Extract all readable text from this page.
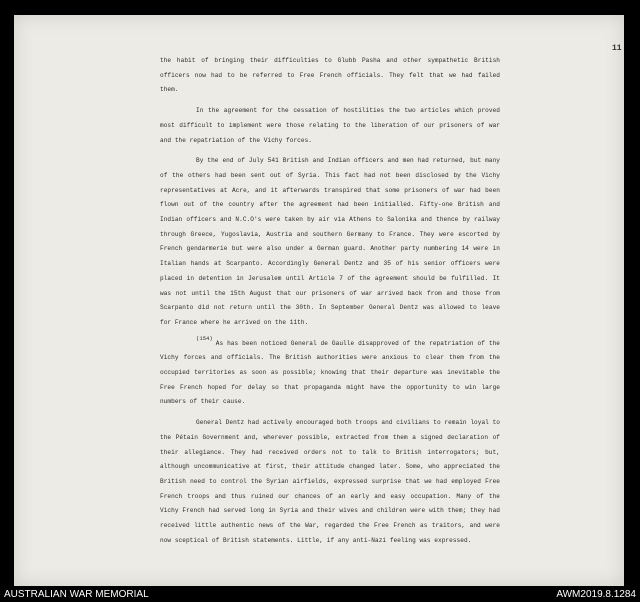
11

the habit of bringing their difficulties to Glubb Pasha and other sympathetic British officers now had to be referred to Free French officials. They felt that we had failed them.

In the agreement for the cessation of hostilities the two articles which proved most difficult to implement were those relating to the liberation of our prisoners of war and the repatriation of the Vichy forces.

By the end of July 541 British and Indian officers and men had returned, but many of the others had been sent out of Syria. This fact had not been disclosed by the Vichy representatives at Acre, and it afterwards transpired that some prisoners of war had been flown out of the country after the agreement had been initialled. Fifty-one British and Indian officers and N.C.O's were taken by air via Athens to Salonika and thence by railway through Greece, Yugoslavia, Austria and southern Germany to France. They were escorted by French gendarmerie but were also under a German guard. Another party numbering 14 were in Italian hands at Scarpanto. Accordingly General Dentz and 35 of his senior officers were placed in detention in Jerusalem until Article 7 of the agreement should be fulfilled. It was not until the 15th August that our prisoners of war arrived back from and those from Scarpanto did not return until the 30th. In September General Dentz was allowed to leave for France where he arrived on the 11th.

(154)As has been noticed General de Gaulle disapproved of the repatriation of the Vichy forces and officials. The British authorities were anxious to clear them from the occupied territories as soon as possible; knowing that their departure was inevitable the Free French hoped for delay so that propaganda might have the opportunity to win large numbers of their cause.

General Dentz had actively encouraged both troops and civilians to remain loyal to the Pétain Government and, wherever possible, extracted from them a signed declaration of their allegiance. They had received orders not to talk to British interrogators; but, although uncommunicative at first, their attitude changed later. Some, who appreciated the British need to control the Syrian airfields, expressed surprise that we had employed Free French troops and thus ruined our chances of an early and easy occupation. Many of the Vichy French had served long in Syria and their wives and children were with them; they had received little authentic news of the War, regarded the Free French as traitors, and were now sceptical of British statements. Little, if any anti-Nazi feeling was expressed.

AUSTRALIAN WAR MEMORIAL	AWM2019.8.1284
